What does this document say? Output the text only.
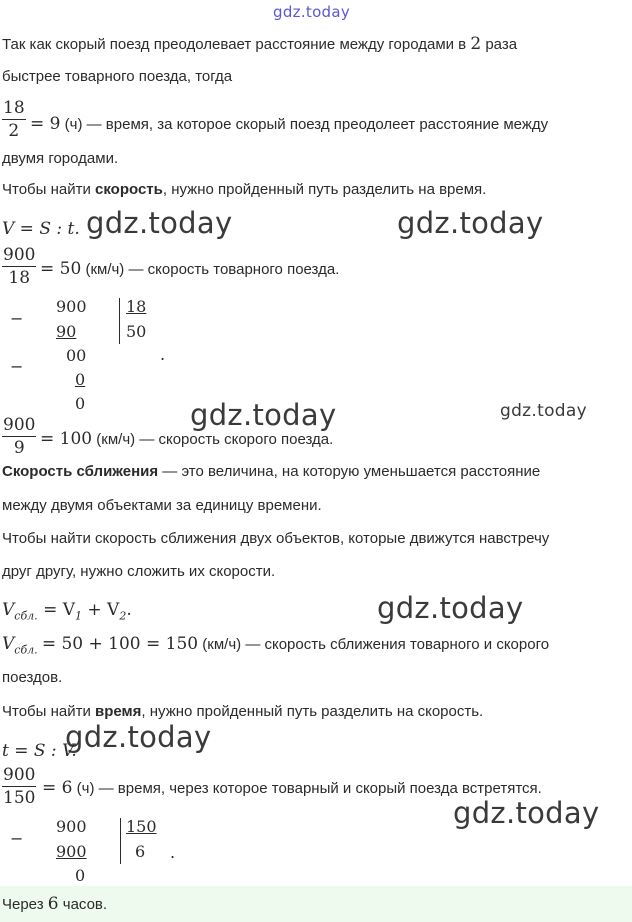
gdz.today
gdz.today	gdz.today
gdz.today	gdz.today
gdz.today
gdz.today
gdz.today
Так как скорый поезд преодолевает расстояние между городами в 2 раза
быстрее товарного поезда, тогда
$\frac{18}{2} = 9$ (ч) — время, за которое скорый поезд преодолеет расстояние между
двумя городами.
Чтобы найти скорость, нужно пройденный путь разделить на время.
V = S : t.
$\frac{900}{18} = 50$ (км/ч) — скорость товарного поезда.
−
900
90
−
00
0
0
18
50
.
$\frac{900}{9} = 100$ (км/ч) — скорость скорого поезда.
Скорость сближения — это величина, на которую уменьшается расстояние
между двумя объектами за единицу времени.
Чтобы найти скорость сближения двух объектов, которые движутся навстречу
друг другу, нужно сложить их скорости.
$V_{сбл.} = V_1 + V_2$.
$V_{сбл.} = 50 + 100 = 150$ (км/ч) — скорость сближения товарного и скорого
поездов.
Чтобы найти время, нужно пройденный путь разделить на скорость.
t = S : V.
$\frac{900}{150} = 6$ (ч) — время, через которое товарный и скорый поезда встретятся.
−
900
900
0
150
6 .
Через 6 часов.
